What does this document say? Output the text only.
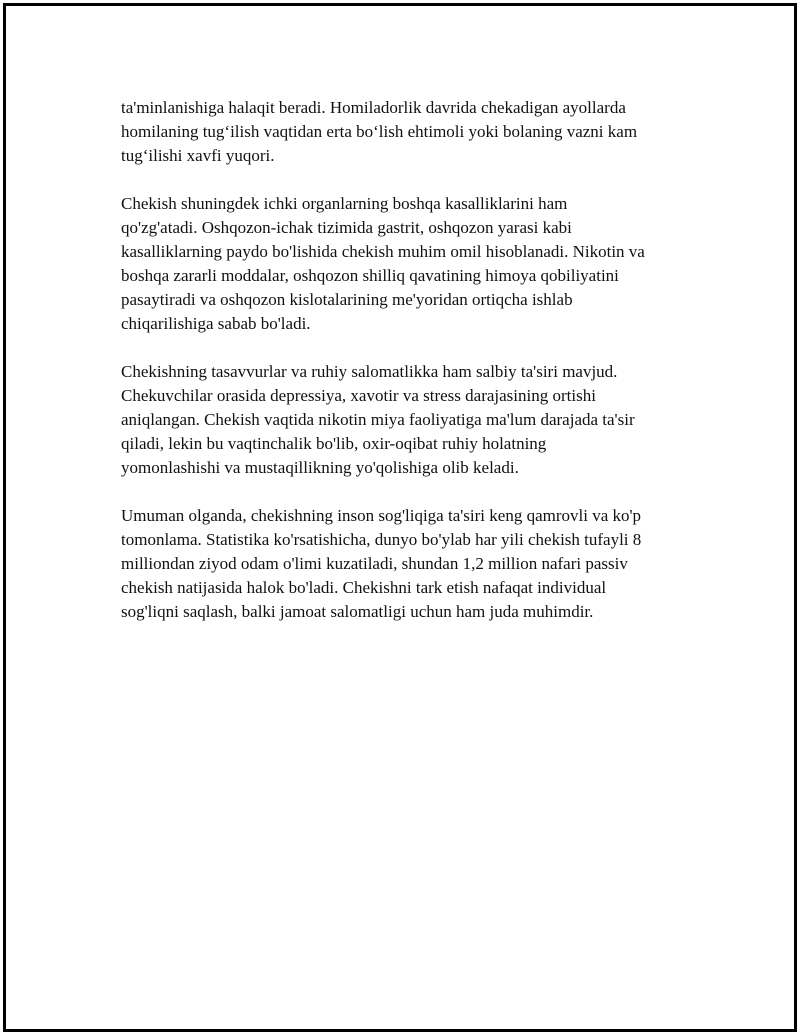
ta'minlanishiga halaqit beradi. Homiladorlik davrida chekadigan ayollarda
homilaning tug‘ilish vaqtidan erta bo‘lish ehtimoli yoki bolaning vazni kam
tug‘ilishi xavfi yuqori.

Chekish shuningdek ichki organlarning boshqa kasalliklarini ham
qo'zg'atadi. Oshqozon-ichak tizimida gastrit, oshqozon yarasi kabi
kasalliklarning paydo bo'lishida chekish muhim omil hisoblanadi. Nikotin va
boshqa zararli moddalar, oshqozon shilliq qavatining himoya qobiliyatini
pasaytiradi va oshqozon kislotalarining me'yoridan ortiqcha ishlab
chiqarilishiga sabab bo'ladi.

Chekishning tasavvurlar va ruhiy salomatlikka ham salbiy ta'siri mavjud.
Chekuvchilar orasida depressiya, xavotir va stress darajasining ortishi
aniqlangan. Chekish vaqtida nikotin miya faoliyatiga ma'lum darajada ta'sir
qiladi, lekin bu vaqtinchalik bo'lib, oxir-oqibat ruhiy holatning
yomonlashishi va mustaqillikning yo'qolishiga olib keladi.

Umuman olganda, chekishning inson sog'liqiga ta'siri keng qamrovli va ko'p
tomonlama. Statistika ko'rsatishicha, dunyo bo'ylab har yili chekish tufayli 8
milliondan ziyod odam o'limi kuzatiladi, shundan 1,2 million nafari passiv
chekish natijasida halok bo'ladi. Chekishni tark etish nafaqat individual
sog'liqni saqlash, balki jamoat salomatligi uchun ham juda muhimdir.
